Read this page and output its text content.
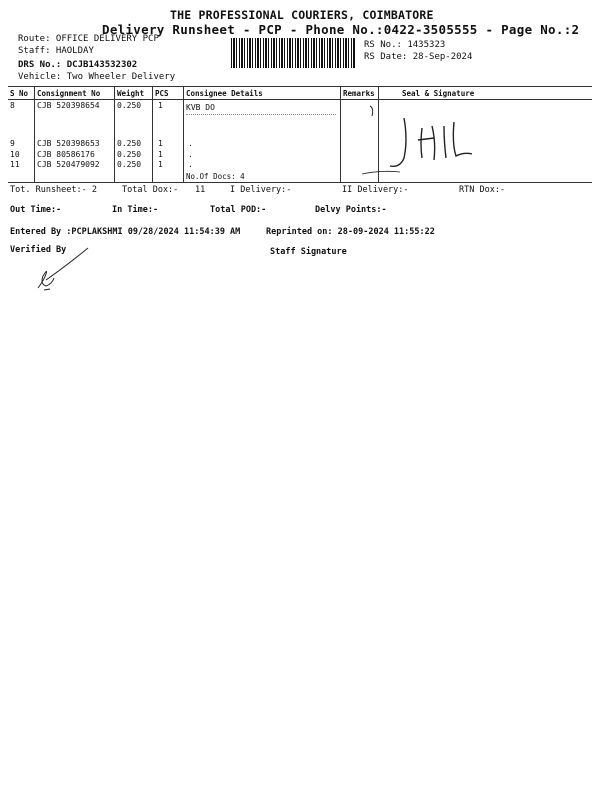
THE PROFESSIONAL COURIERS, COIMBATORE
Delivery Runsheet - PCP - Phone No.:0422-3505555 - Page No.:2
Route: OFFICE DELIVERY PCP
Staff: HAOLDAY
DRS No.: DCJB143532302
Vehicle: Two Wheeler Delivery
RS No.: 1435323
RS Date: 28-Sep-2024
S No Consignment No Weight PCS Consignee Details	Remarks	Seal & Signature
8	CJB 520398654 0.250 1	KVB DO
9	CJB 520398653 0.250 1	.
10 CJB 80586176	0.250 1	.
11 CJB 520479092 0.250 1	.
No.Of Docs: 4
Tot. Runsheet:- 2	Total Dox:- 11	I Delivery:-	II Delivery:-	RTN Dox:-
Out Time:-	In Time:-	Total POD:-	Delvy Points:-
Entered By :PCPLAKSHMI 09/28/2024 11:54:39 AM	Reprinted on: 28-09-2024 11:55:22
Verified By	Staff Signature
